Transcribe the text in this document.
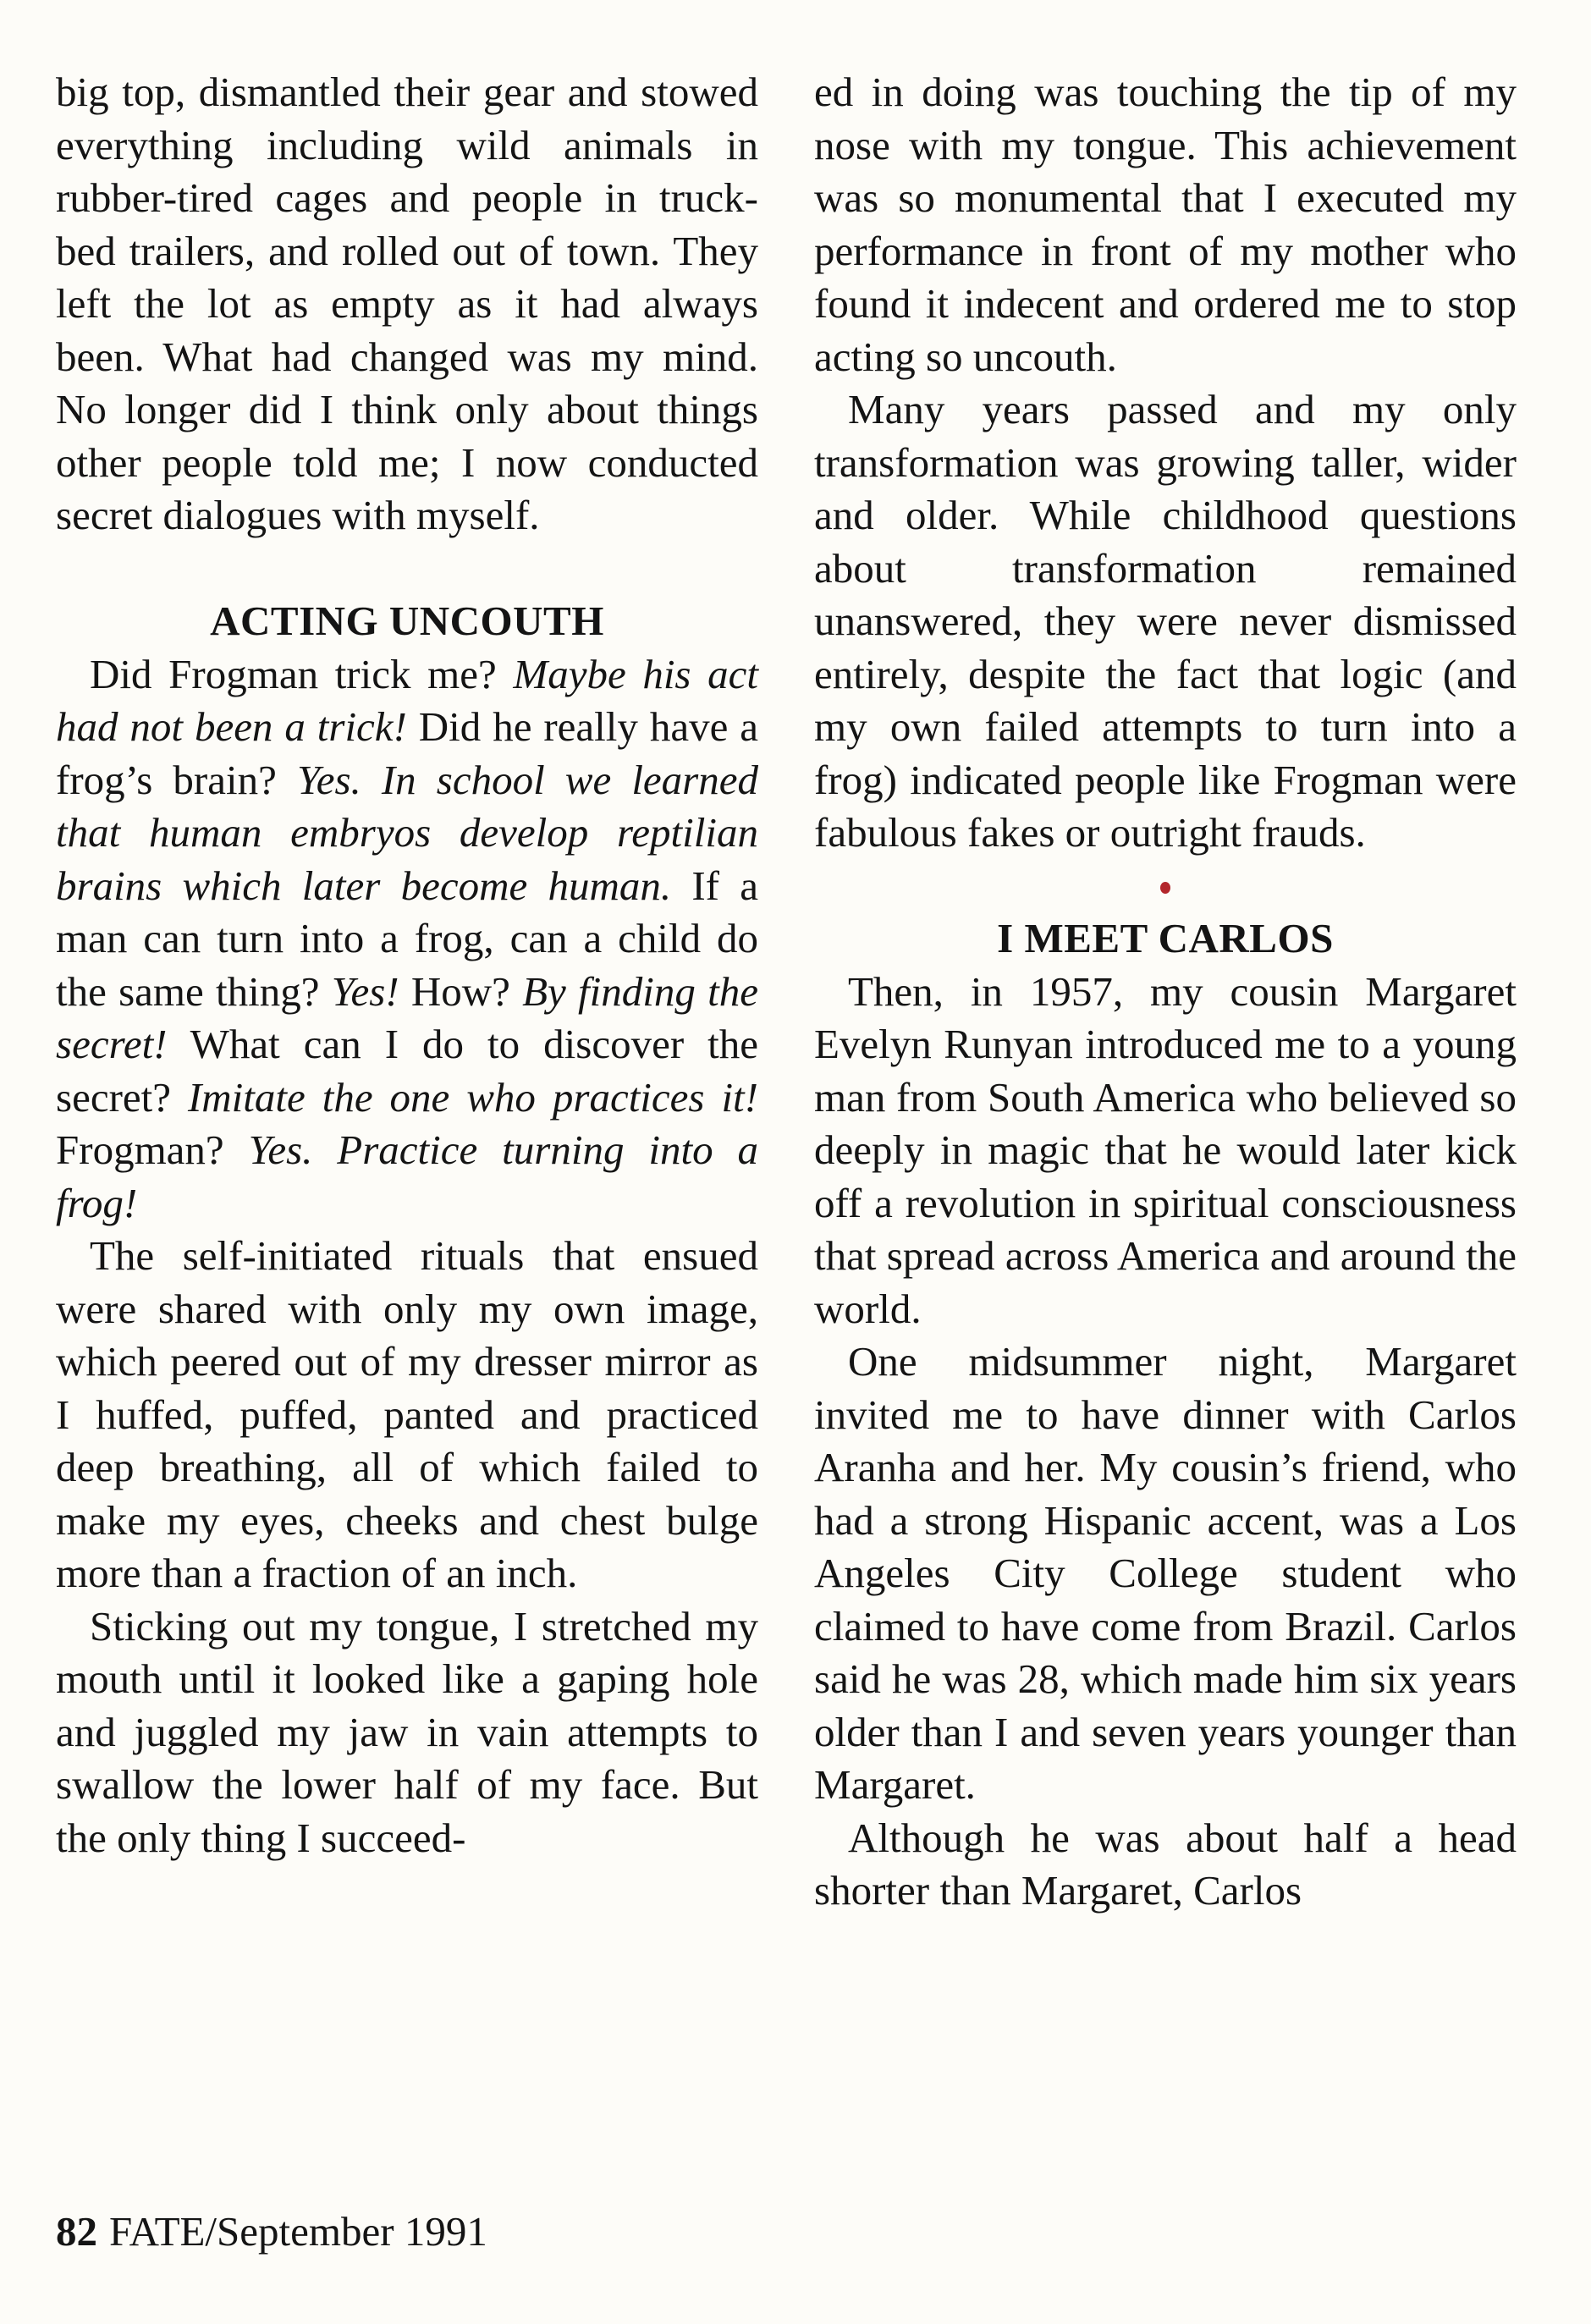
big top, dismantled their gear and stowed everything including wild animals in rubber-tired cages and people in truck-bed trailers, and rolled out of town. They left the lot as empty as it had always been. What had changed was my mind. No longer did I think only about things other people told me; I now conducted secret dialogues with myself.

ACTING UNCOUTH

Did Frogman trick me? Maybe his act had not been a trick! Did he really have a frog’s brain? Yes. In school we learned that human embryos develop reptilian brains which later become human. If a man can turn into a frog, can a child do the same thing? Yes! How? By finding the secret! What can I do to discover the secret? Imitate the one who practices it! Frogman? Yes. Practice turning into a frog!

The self-initiated rituals that ensued were shared with only my own image, which peered out of my dresser mirror as I huffed, puffed, panted and practiced deep breathing, all of which failed to make my eyes, cheeks and chest bulge more than a fraction of an inch.

Sticking out my tongue, I stretched my mouth until it looked like a gaping hole and juggled my jaw in vain attempts to swallow the lower half of my face. But the only thing I succeed-

ed in doing was touching the tip of my nose with my tongue. This achievement was so monumental that I executed my performance in front of my mother who found it indecent and ordered me to stop acting so uncouth.

Many years passed and my only transformation was growing taller, wider and older. While childhood questions about transformation remained unanswered, they were never dismissed entirely, despite the fact that logic (and my own failed attempts to turn into a frog) indicated people like Frogman were fabulous fakes or outright frauds.

I MEET CARLOS

Then, in 1957, my cousin Margaret Evelyn Runyan introduced me to a young man from South America who believed so deeply in magic that he would later kick off a revolution in spiritual consciousness that spread across America and around the world.

One midsummer night, Margaret invited me to have dinner with Carlos Aranha and her. My cousin’s friend, who had a strong Hispanic accent, was a Los Angeles City College student who claimed to have come from Brazil. Carlos said he was 28, which made him six years older than I and seven years younger than Margaret.

Although he was about half a head shorter than Margaret, Carlos

82 FATE/September 1991
